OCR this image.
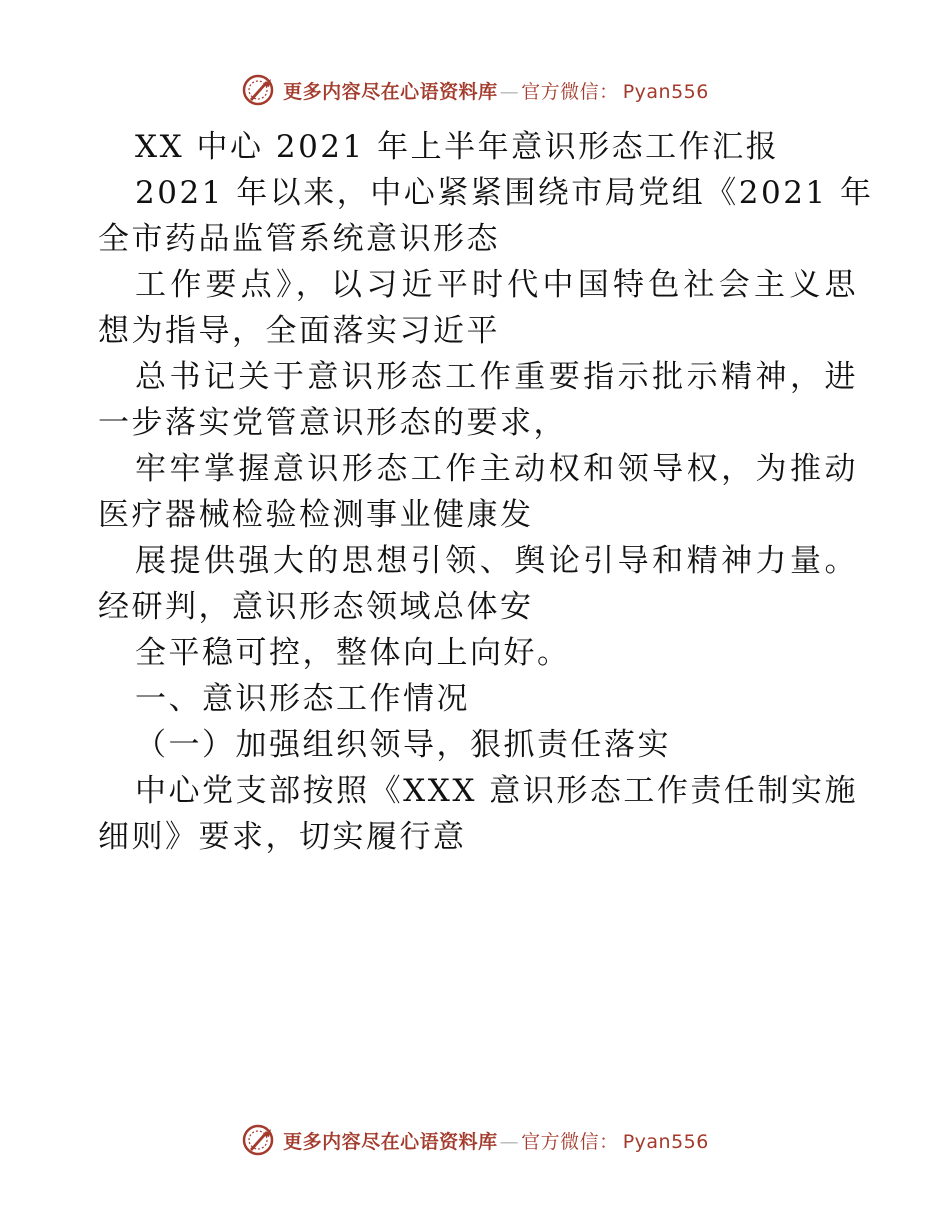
更多内容尽在心语资料库 — 官方微信： Pyan556
XX 中心 2021 年上半年意识形态工作汇报
2021 年以来，中心紧紧围绕市局党组《2021 年
全市药品监管系统意识形态
工作要点》，以习近平时代中国特色社会主义思
想为指导，全面落实习近平
总书记关于意识形态工作重要指示批示精神，进
一步落实党管意识形态的要求，
牢牢掌握意识形态工作主动权和领导权，为推动
医疗器械检验检测事业健康发
展提供强大的思想引领、舆论引导和精神力量。
经研判，意识形态领域总体安
全平稳可控，整体向上向好。
一、意识形态工作情况
（一）加强组织领导，狠抓责任落实
中心党支部按照《XXX 意识形态工作责任制实施
细则》要求，切实履行意
更多内容尽在心语资料库 — 官方微信： Pyan556
